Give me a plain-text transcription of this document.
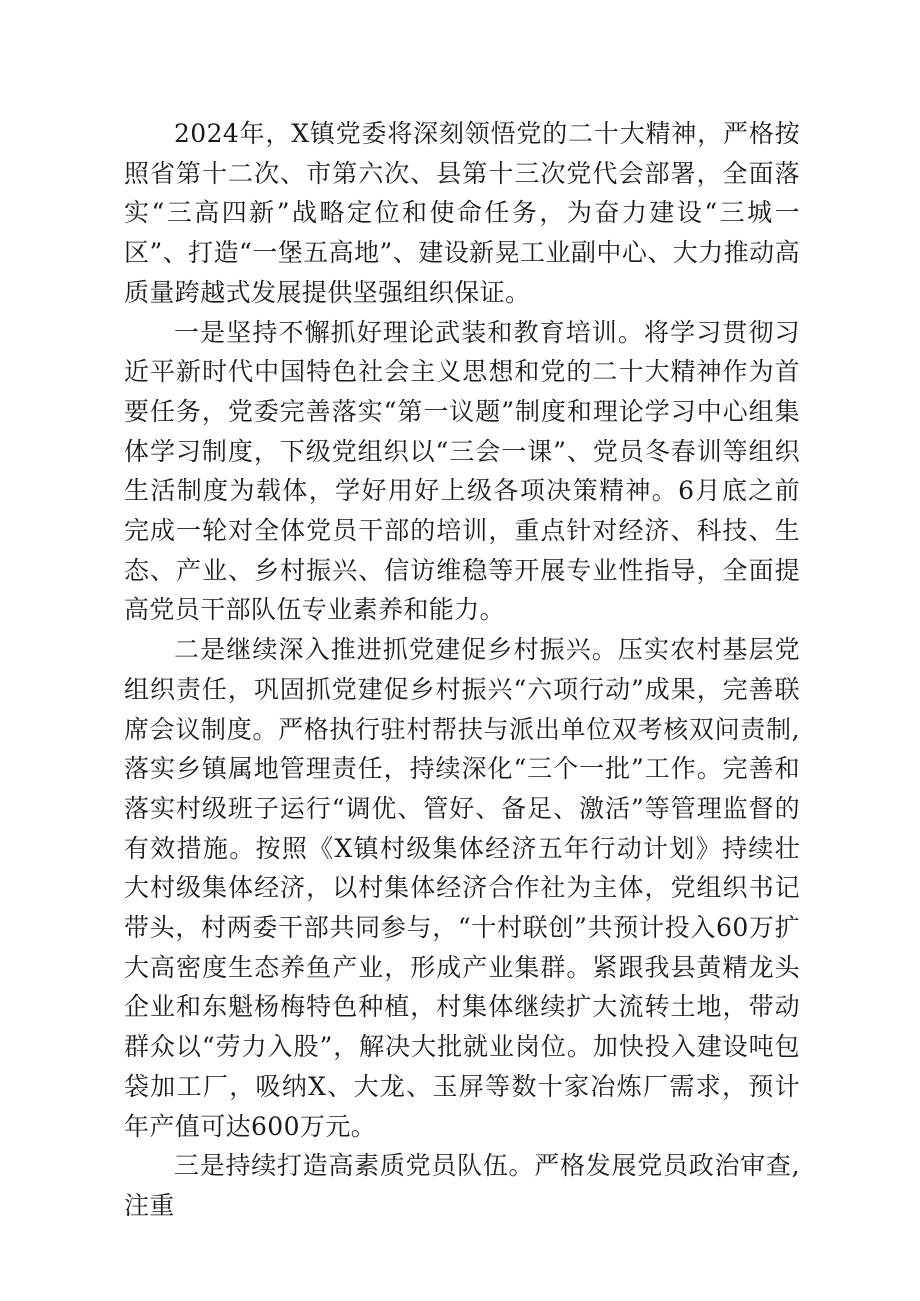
2024年，X镇党委将深刻领悟党的二十大精神，严格按照省第十二次、市第六次、县第十三次党代会部署，全面落实“三高四新”战略定位和使命任务，为奋力建设“三城一区”、打造“一堡五高地”、建设新晃工业副中心、大力推动高质量跨越式发展提供坚强组织保证。

一是坚持不懈抓好理论武装和教育培训。将学习贯彻习近平新时代中国特色社会主义思想和党的二十大精神作为首要任务，党委完善落实“第一议题”制度和理论学习中心组集体学习制度，下级党组织以“三会一课”、党员冬春训等组织生活制度为载体，学好用好上级各项决策精神。6月底之前完成一轮对全体党员干部的培训，重点针对经济、科技、生态、产业、乡村振兴、信访维稳等开展专业性指导，全面提高党员干部队伍专业素养和能力。

二是继续深入推进抓党建促乡村振兴。压实农村基层党组织责任，巩固抓党建促乡村振兴“六项行动”成果，完善联席会议制度。严格执行驻村帮扶与派出单位双考核双问责制,落实乡镇属地管理责任，持续深化“三个一批”工作。完善和落实村级班子运行“调优、管好、备足、激活”等管理监督的有效措施。按照《X镇村级集体经济五年行动计划》持续壮大村级集体经济，以村集体经济合作社为主体，党组织书记带头，村两委干部共同参与，“十村联创”共预计投入60万扩大高密度生态养鱼产业，形成产业集群。紧跟我县黄精龙头企业和东魁杨梅特色种植，村集体继续扩大流转土地，带动群众以“劳力入股”，解决大批就业岗位。加快投入建设吨包袋加工厂，吸纳X、大龙、玉屏等数十家冶炼厂需求，预计年产值可达600万元。

三是持续打造高素质党员队伍。严格发展党员政治审查,注重
